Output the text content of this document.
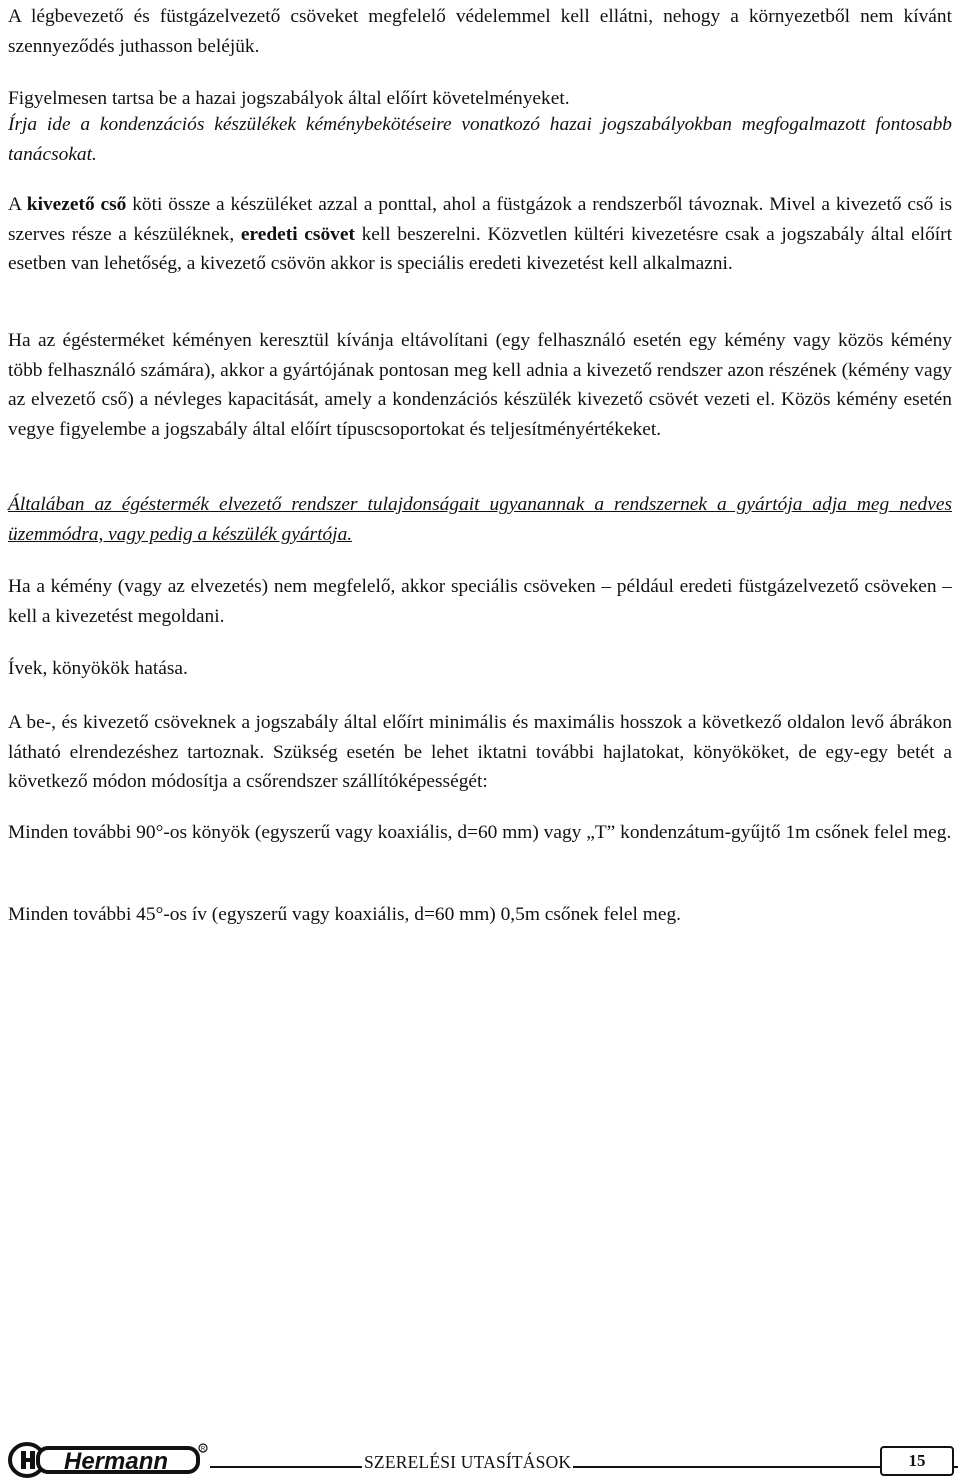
A légbevezető és füstgázelvezető csöveket megfelelő védelemmel kell ellátni, nehogy a környezetből nem kívánt szennyeződés juthasson beléjük.

Figyelmesen tartsa be a hazai jogszabályok által előírt követelményeket.

Írja ide a kondenzációs készülékek kéménybekötéseire vonatkozó hazai jogszabályokban megfogalmazott fontosabb tanácsokat.

A kivezető cső köti össze a készüléket azzal a ponttal, ahol a füstgázok a rendszerből távoznak. Mivel a kivezető cső is szerves része a készüléknek, eredeti csövet kell beszerelni. Közvetlen kültéri kivezetésre csak a jogszabály által előírt esetben van lehetőség, a kivezető csövön akkor is speciális eredeti kivezetést kell alkalmazni.

Ha az égésterméket kéményen keresztül kívánja eltávolítani (egy felhasználó esetén egy kémény vagy közös kémény több felhasználó számára), akkor a gyártójának pontosan meg kell adnia a kivezető rendszer azon részének (kémény vagy az elvezető cső) a névleges kapacitását, amely a kondenzációs készülék kivezető csövét vezeti el. Közös kémény esetén vegye figyelembe a jogszabály által előírt típuscsoportokat és teljesítményértékeket.

Általában az égéstermék elvezető rendszer tulajdonságait ugyanannak a rendszernek a gyártója adja meg nedves üzemmódra, vagy pedig a készülék gyártója.

Ha a kémény (vagy az elvezetés) nem megfelelő, akkor speciális csöveken – például eredeti füstgázelvezető csöveken – kell a kivezetést megoldani.

Ívek, könyökök hatása.

A be-, és kivezető csöveknek a jogszabály által előírt minimális és maximális hosszok a következő oldalon levő ábrákon látható elrendezéshez tartoznak. Szükség esetén be lehet iktatni további hajlatokat, könyököket, de egy-egy betét a következő módon módosítja a csőrendszer szállítóképességét:

Minden további 90°-os könyök (egyszerű vagy koaxiális, d=60 mm) vagy „T” kondenzátum-gyűjtő 1m csőnek felel meg.

Minden további 45°-os ív (egyszerű vagy koaxiális, d=60 mm) 0,5m csőnek felel meg.

Hermann	R
SZERELÉSI UTASÍTÁSOK	15
